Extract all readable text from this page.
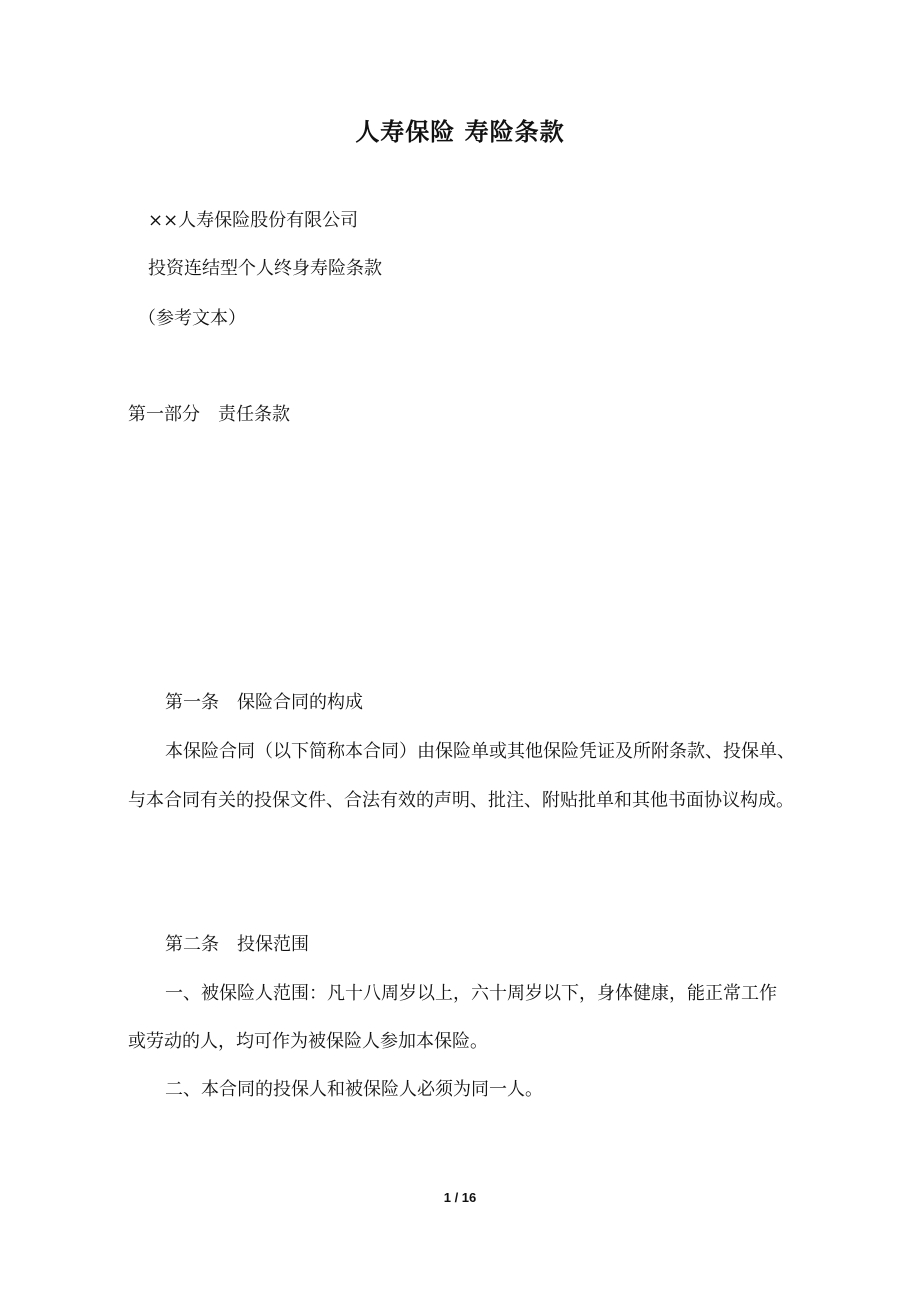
人寿保险 寿险条款
××人寿保险股份有限公司
投资连结型个人终身寿险条款
（参考文本）
第一部分　责任条款
第一条　保险合同的构成
本保险合同（以下简称本合同）由保险单或其他保险凭证及所附条款、投保单、
与本合同有关的投保文件、合法有效的声明、批注、附贴批单和其他书面协议构成。
第二条　投保范围
一、被保险人范围：凡十八周岁以上，六十周岁以下，身体健康，能正常工作
或劳动的人，均可作为被保险人参加本保险。
二、本合同的投保人和被保险人必须为同一人。
1 / 16
